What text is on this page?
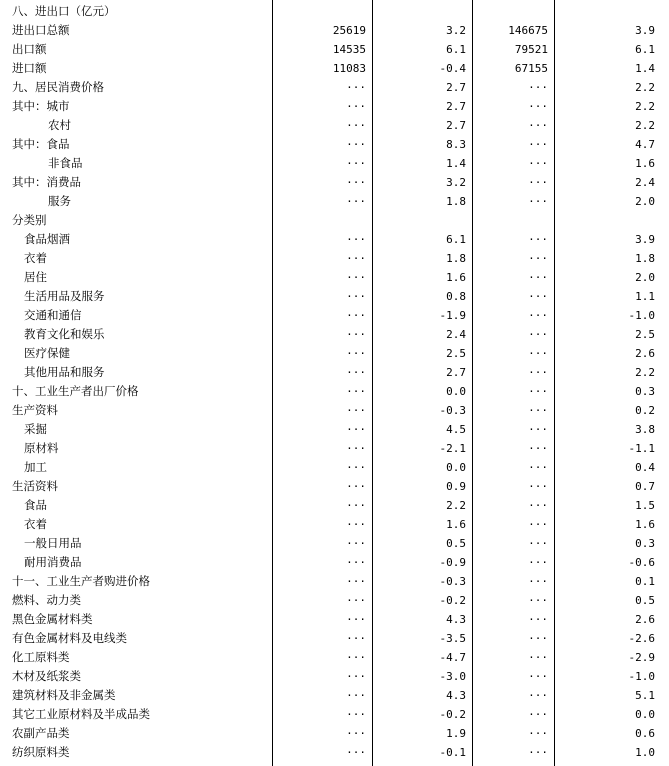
八、进出口（亿元）				
进出口总额	25619	3.2	146675	3.9
出口额	14535	6.1	79521	6.1
进口额	11083	-0.4	67155	1.4
九、居民消费价格	···	2.7	···	2.2
其中：城市	···	2.7	···	2.2
农村	···	2.7	···	2.2
其中：食品	···	8.3	···	4.7
非食品	···	1.4	···	1.6
其中：消费品	···	3.2	···	2.4
服务	···	1.8	···	2.0
分类别				
食品烟酒	···	6.1	···	3.9
衣着	···	1.8	···	1.8
居住	···	1.6	···	2.0
生活用品及服务	···	0.8	···	1.1
交通和通信	···	-1.9	···	-1.0
教育文化和娱乐	···	2.4	···	2.5
医疗保健	···	2.5	···	2.6
其他用品和服务	···	2.7	···	2.2
十、工业生产者出厂价格	···	0.0	···	0.3
生产资料	···	-0.3	···	0.2
采掘	···	4.5	···	3.8
原材料	···	-2.1	···	-1.1
加工	···	0.0	···	0.4
生活资料	···	0.9	···	0.7
食品	···	2.2	···	1.5
衣着	···	1.6	···	1.6
一般日用品	···	0.5	···	0.3
耐用消费品	···	-0.9	···	-0.6
十一、工业生产者购进价格	···	-0.3	···	0.1
燃料、动力类	···	-0.2	···	0.5
黑色金属材料类	···	4.3	···	2.6
有色金属材料及电线类	···	-3.5	···	-2.6
化工原料类	···	-4.7	···	-2.9
木材及纸浆类	···	-3.0	···	-1.0
建筑材料及非金属类	···	4.3	···	5.1
其它工业原材料及半成品类	···	-0.2	···	0.0
农副产品类	···	1.9	···	0.6
纺织原料类	···	-0.1	···	1.0
